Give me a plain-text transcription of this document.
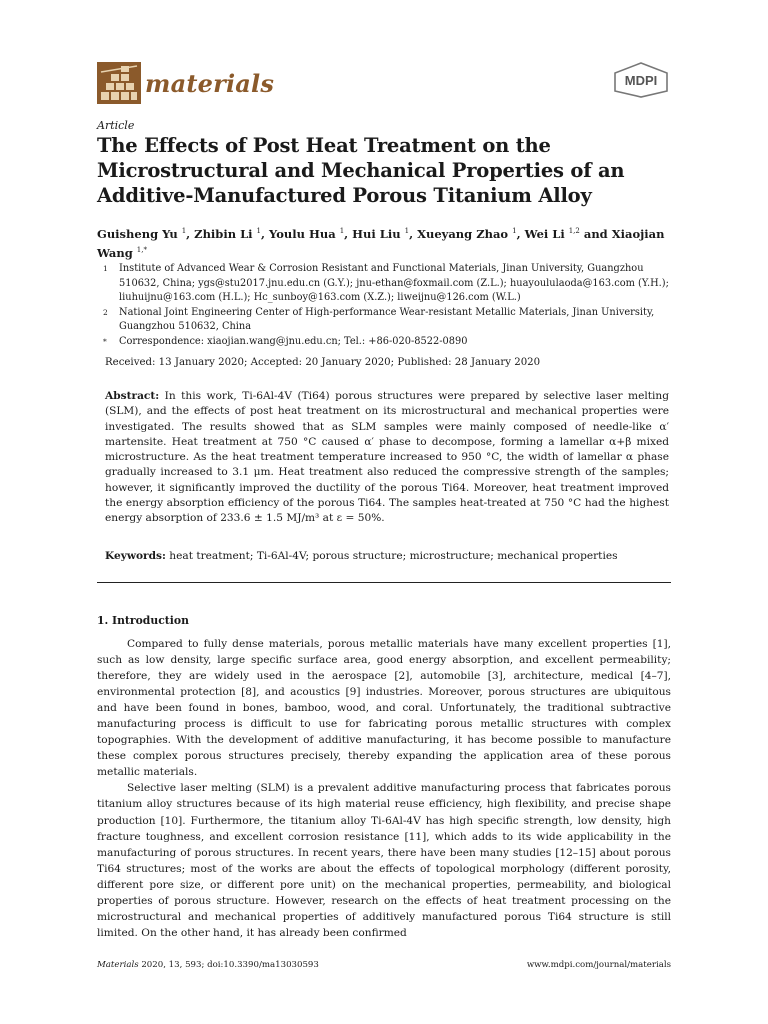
materials	MDPI
Article
The Effects of Post Heat Treatment on the Microstructural and Mechanical Properties of an Additive-Manufactured Porous Titanium Alloy
Guisheng Yu $^1$, Zhibin Li $^1$, Youlu Hua $^1$, Hui Liu $^1$, Xueyang Zhao $^1$, Wei Li $^{1,2}$ and Xiaojian Wang $^{1,*}$
1	Institute of Advanced Wear & Corrosion Resistant and Functional Materials, Jinan University, Guangzhou 510632, China; ygs@stu2017.jnu.edu.cn (G.Y.); jnu-ethan@foxmail.com (Z.L.); huayoululaoda@163.com (Y.H.); liuhuijnu@163.com (H.L.); Hc_sunboy@163.com (X.Z.); liweijnu@126.com (W.L.)
2	National Joint Engineering Center of High-performance Wear-resistant Metallic Materials, Jinan University, Guangzhou 510632, China
*	Correspondence: xiaojian.wang@jnu.edu.cn; Tel.: +86-020-8522-0890
Received: 13 January 2020; Accepted: 20 January 2020; Published: 28 January 2020
Abstract: In this work, Ti-6Al-4V (Ti64) porous structures were prepared by selective laser melting (SLM), and the effects of post heat treatment on its microstructural and mechanical properties were investigated. The results showed that as SLM samples were mainly composed of needle-like α′ martensite. Heat treatment at 750 °C caused α′ phase to decompose, forming a lamellar α+β mixed microstructure. As the heat treatment temperature increased to 950 °C, the width of lamellar α phase gradually increased to 3.1 μm. Heat treatment also reduced the compressive strength of the samples; however, it significantly improved the ductility of the porous Ti64. Moreover, heat treatment improved the energy absorption efficiency of the porous Ti64. The samples heat-treated at 750 °C had the highest energy absorption of 233.6 ± 1.5 MJ/m³ at ε = 50%.
Keywords: heat treatment; Ti-6Al-4V; porous structure; microstructure; mechanical properties
1. Introduction

Compared to fully dense materials, porous metallic materials have many excellent properties [1], such as low density, large specific surface area, good energy absorption, and excellent permeability; therefore, they are widely used in the aerospace [2], automobile [3], architecture, medical [4–7], environmental protection [8], and acoustics [9] industries. Moreover, porous structures are ubiquitous and have been found in bones, bamboo, wood, and coral. Unfortunately, the traditional subtractive manufacturing process is difficult to use for fabricating porous metallic structures with complex topographies. With the development of additive manufacturing, it has become possible to manufacture these complex porous structures precisely, thereby expanding the application area of these porous metallic materials.

Selective laser melting (SLM) is a prevalent additive manufacturing process that fabricates porous titanium alloy structures because of its high material reuse efficiency, high flexibility, and precise shape production [10]. Furthermore, the titanium alloy Ti-6Al-4V has high specific strength, low density, high fracture toughness, and excellent corrosion resistance [11], which adds to its wide applicability in the manufacturing of porous structures. In recent years, there have been many studies [12–15] about porous Ti64 structures; most of the works are about the effects of topological morphology (different porosity, different pore size, or different pore unit) on the mechanical properties, permeability, and biological properties of porous structure. However, research on the effects of heat treatment processing on the microstructural and mechanical properties of additively manufactured porous Ti64 structure is still limited. On the other hand, it has already been confirmed

Materials 2020, 13, 593; doi:10.3390/ma13030593	www.mdpi.com/journal/materials
